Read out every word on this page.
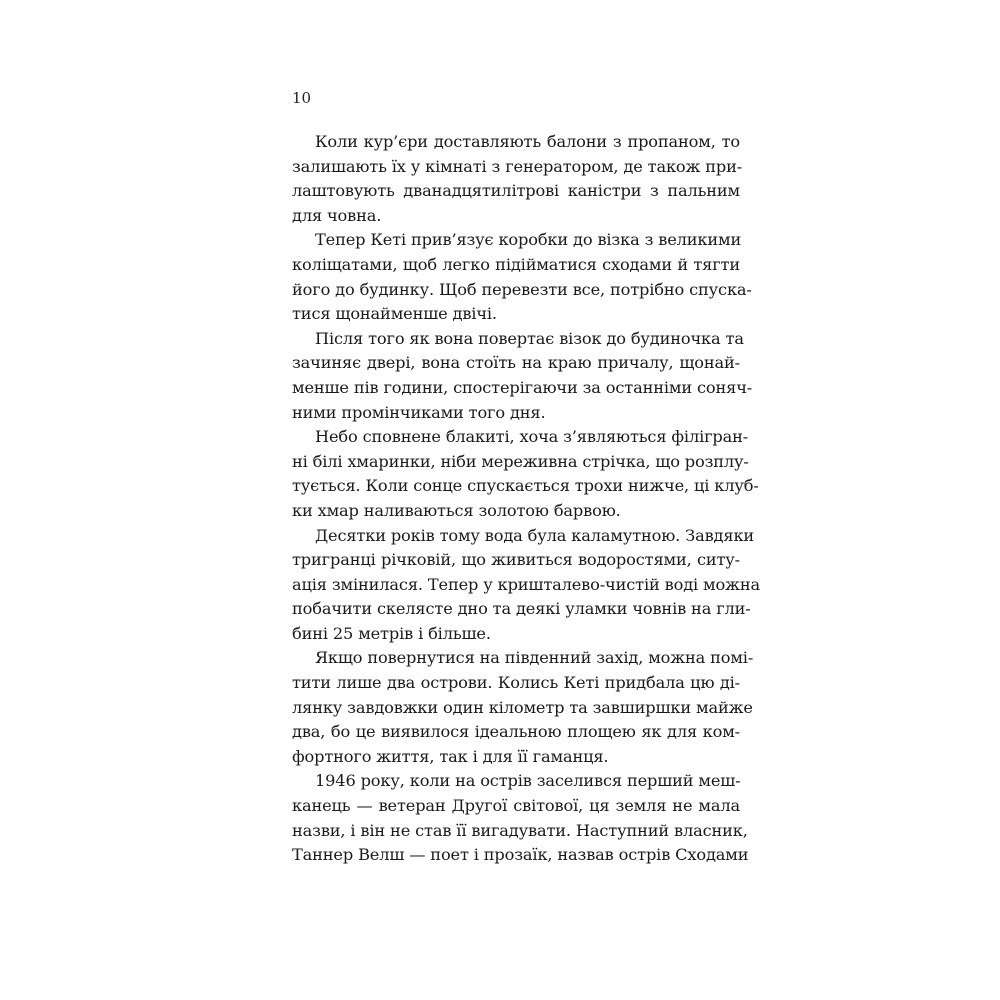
10
Коли кур’єри доставляють балони з пропаном, то
залишають їх у кімнаті з генератором, де також при-
лаштовують дванадцятилітрові каністри з пальним
для човна.
Тепер Кеті прив’язує коробки до візка з великими
коліщатами, щоб легко підійматися сходами й тягти
його до будинку. Щоб перевезти все, потрібно спуска-
тися щонайменше двічі.
Після того як вона повертає візок до будиночка та
зачиняє двері, вона стоїть на краю причалу, щонай-
менше пів години, спостерігаючи за останніми соняч-
ними промінчиками того дня.
Небо сповнене блакиті, хоча з’являються філігран-
ні білі хмаринки, ніби мереживна стрічка, що розплу-
тується. Коли сонце спускається трохи нижче, ці клуб-
ки хмар наливаються золотою барвою.
Десятки років тому вода була каламутною. Завдяки
тригранці річковій, що живиться водоростями, ситу-
ація змінилася. Тепер у кришталево-чистій воді можна
побачити скелясте дно та деякі уламки човнів на гли-
бині 25 метрів і більше.
Якщо повернутися на південний захід, можна помі-
тити лише два острови. Колись Кеті придбала цю ді-
лянку завдовжки один кілометр та завширшки майже
два, бо це виявилося ідеальною площею як для ком-
фортного життя, так і для її гаманця.
1946 року, коли на острів заселився перший меш-
канець — ветеран Другої світової, ця земля не мала
назви, і він не став її вигадувати. Наступний власник,
Таннер Велш — поет і прозаїк, назвав острів Сходами
